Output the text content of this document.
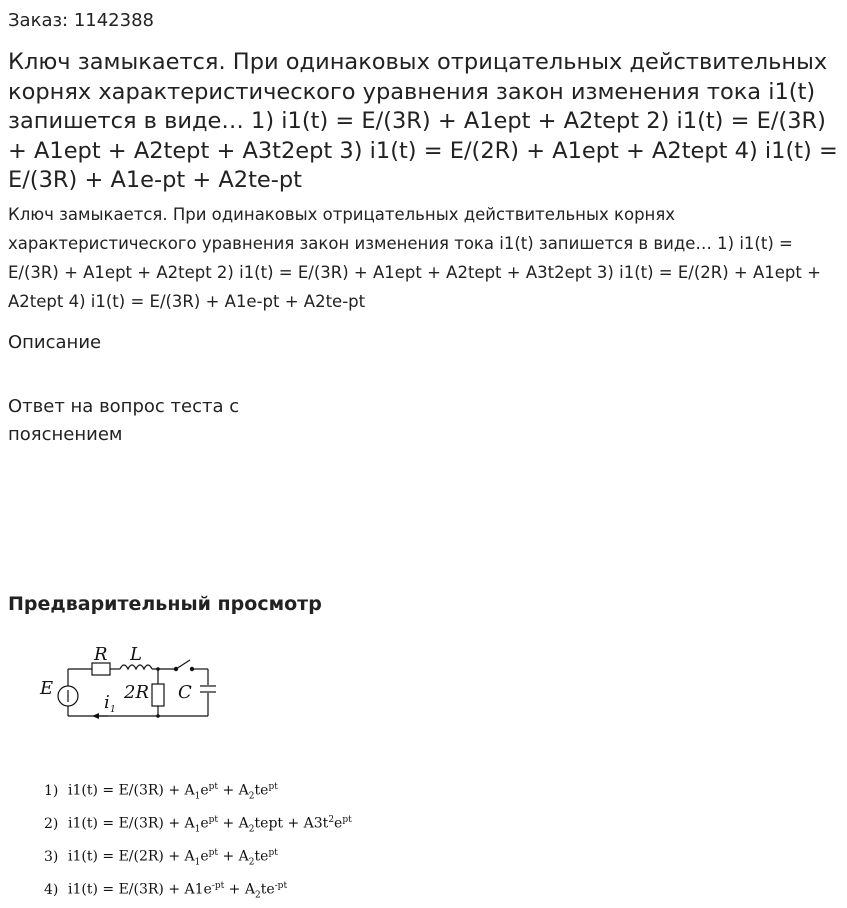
Заказ: 1142388
Ключ замыкается. При одинаковых отрицательных действительных корнях характеристического уравнения закон изменения тока i1(t) запишется в виде… 1) i1(t) = E/(3R) + A1ept + A2tept 2) i1(t) = E/(3R) + A1ept + A2tept + A3t2ept 3) i1(t) = E/(2R) + A1ept + A2tept 4) i1(t) = E/(3R) + A1e-pt + A2te-pt

Ключ замыкается. При одинаковых отрицательных действительных корнях характеристического уравнения закон изменения тока i1(t) запишется в виде… 1) i1(t) = E/(3R) + A1ept + A2tept 2) i1(t) = E/(3R) + A1ept + A2tept + A3t2ept 3) i1(t) = E/(2R) + A1ept + A2tept 4) i1(t) = E/(3R) + A1e-pt + A2te-pt

Описание

Ответ на вопрос теста с пояснением

Предварительный просмотр
R L
E	2R C
i 1
1) $i1(t) = E/(3R) + A_1e^{pt} + A_2te^{pt}$
2) $i1(t) = E/(3R) + A_1e^{pt}$ + $A_2tept + A3t^2e^{pt}$
3) $i1(t) = E/(2R) + A_1e^{pt} + A_2te^{pt}$
4) $i1(t) = E/(3R) + A1e^{-pt} + A_2te^{-pt}$
